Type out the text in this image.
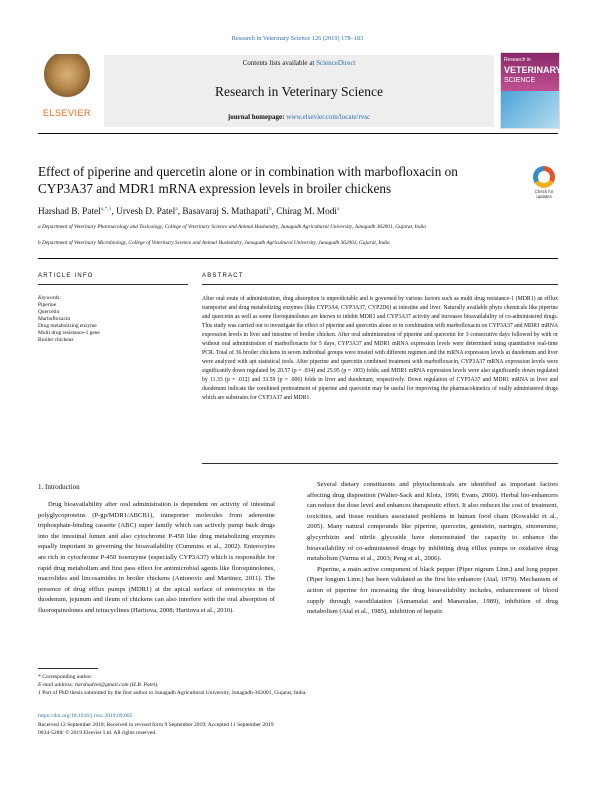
Research in Veterinary Science 126 (2019) 178–183
ELSEVIER
Contents lists available at ScienceDirect
Research in Veterinary Science
journal homepage: www.elsevier.com/locate/rvsc
Research in
VETERINARY
SCIENCE
Effect of piperine and quercetin alone or in combination with marbofloxacin on CYP3A37 and MDR1 mRNA expression levels in broiler chickens	Check for updates
Harshad B. Patel$^{a,*,1}$, Urvesh D. Patel$^a$, Basavaraj S. Mathapati$^b$, Chirag M. Modi$^a$
a Department of Veterinary Pharmacology and Toxicology, College of Veterinary Science and Animal Husbandry, Junagadh Agricultural University, Junagadh 362001, Gujarat, India
b Department of Veterinary Microbiology, College of Veterinary Science and Animal Husbandry, Junagadh Agricultural University, Junagadh 362001, Gujarat, India
ARTICLE INFO	ABSTRACT
Keywords:
Piperine
Quercetin
Marbofloxacin
Drug metabolizing enzyme
Multi drug resistance-1 gene
Broiler chickens
After oral route of administration, drug absorption is unpredictable and is governed by various factors such as multi drug resistance-1 (MDR1) an efflux transporter and drug metabolizing enzymes (like CYP3A4, CYP3A37, CYP2D6) at intestine and liver. Naturally available phyto chemicals like piperine and quercetin as well as some floroquinolones are known to inhibit MDR1 and CYP3A37 activity and increases bioavailability of co-administered drugs. This study was carried out to investigate the effect of piperine and quercetin alone or in combination with marbofloxacin on CYP3A37 and MDR1 mRNA expression levels in liver and intestine of broiler chicken. After oral administration of piperine and quercetin for 3 consecutive days followed by with or without oral administration of marbofloxacin for 5 days, CYP3A37 and MDR1 mRNA expression levels were determined using quantitative real-time PCR. Total of 36 broiler chickens in seven individual groups were treated with different regimen and the mRNA expression levels at duodenum and liver were analyzed with apt statistical tools. After piperine and quercetin combined treatment with marbofloxacin, CYP3A37 mRNA expression levels were significantly down regulated by 20.57 (p = .034) and 25.95 (p = .003) folds; and MDR1 mRNA expression levels were also significantly down regulated by 11.33 (p = .012) and 33.59 (p = .006) folds in liver and duodenum, respectively. Down regulation of CYP3A37 and MDR1 mRNA in liver and duodenum indicate the combined pretreatment of piperine and quercetin may be useful for improving the pharmacokinetics of orally administered drugs which are substrates for CYP3A37 and MDR1.
1. Introduction

Drug bioavailability after oral administration is dependent on activity of intestinal polyglycoproteins (P-gp/MDR1/ABCB1), transporter molecules from adenosine triphosphate-binding cassette (ABC) super family which can actively pump back drugs into the intestinal lumen and also cytochrome P-450 like drug metabolizing enzymes equally important in governing the bioavailability (Cummins et al., 2002). Enterocytes are rich in cytochrome P-450 isoenzyme (especially CYP3A37) which is responsible for rapid drug metabolism and first pass effect for antimicrobial agents like floroquinolones, macrolides and lincosamides in broiler chickens (Antonovic and Martinez, 2011). The presence of drug efflux pumps (MDR1) at the apical surface of enterocytes in the duodenum, jejunum and ileum of chickens can also interfere with the oral absorption of fluoroquinolones and tetracyclines (Haritova, 2008; Haritova et al., 2010).

Several dietary constituents and phytochemicals are identified as important factors affecting drug disposition (Walter-Sack and Klotz, 1996; Evans, 2000). Herbal bio-enhancers can reduce the dose level and enhances therapeutic effect. It also reduces the cost of treatment, toxicities, and tissue residues associated problems in human food chain (Kowalski et al., 2005). Many natural compounds like piperine, quercetin, genistein, naringin, sinomenine, glycyrrhizin and nitrile glycoside have demonstrated the capacity to enhance the bioavailability of co-administered drugs by inhibiting drug efflux pumps or oxidative drug metabolism (Varma et al., 2003; Peng et al., 2006).

Piperine, a main active component of black pepper (Piper nigrum Linn.) and long pepper (Piper longum Linn.) has been validated as the first bio enhancer (Atal, 1979). Mechanism of action of piperine for increasing the drug bioavailability includes, enhancement of blood supply through vasodilatation (Annamalai and Manavalan, 1989), inhibition of drug metabolism (Atal et al., 1985), inhibition of hepatic

* Corresponding author.
E-mail address: harshadvet@gmail.com (H.B. Patel).
1 Part of PhD thesis submitted by the first author to Junagadh Agricultural University, Junagadh-362001, Gujarat, India.
https://doi.org/10.1016/j.rvsc.2019.09.005
Received 12 September 2018; Received in revised form 9 September 2019; Accepted 11 September 2019
0034-5288/ © 2019 Elsevier Ltd. All rights reserved.
